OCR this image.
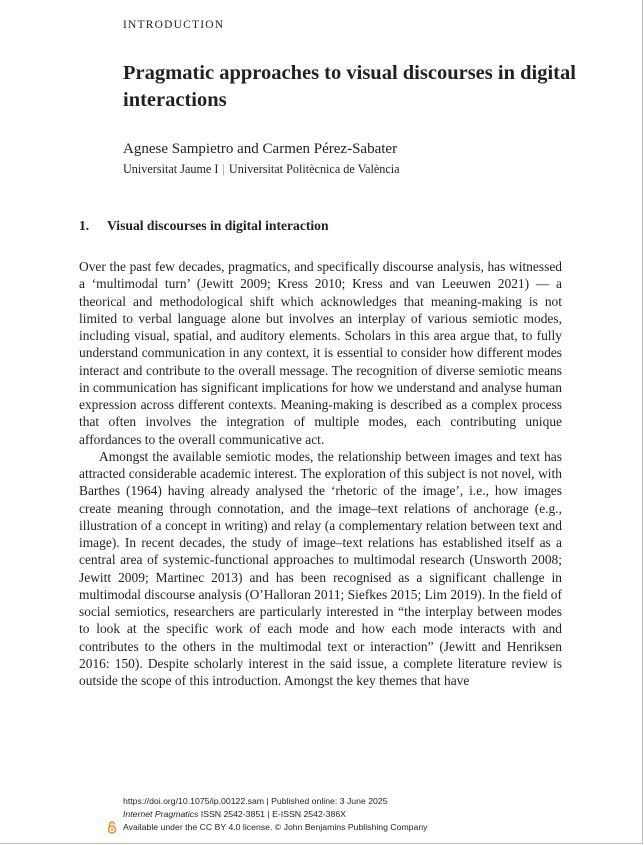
INTRODUCTION
Pragmatic approaches to visual discourses in digital interactions
Agnese Sampietro and Carmen Pérez-Sabater
Universitat Jaume I | Universitat Politècnica de València
1. Visual discourses in digital interaction

Over the past few decades, pragmatics, and specifically discourse analysis, has witnessed a ‘multimodal turn’ (Jewitt 2009; Kress 2010; Kress and van Leeuwen 2021) — a theorical and methodological shift which acknowledges that meaning-making is not limited to verbal language alone but involves an interplay of various semiotic modes, including visual, spatial, and auditory elements. Scholars in this area argue that, to fully understand communication in any context, it is essential to consider how different modes interact and contribute to the overall message. The recognition of diverse semiotic means in communication has significant implications for how we understand and analyse human expression across different contexts. Meaning-making is described as a complex process that often involves the integration of multiple modes, each contributing unique affordances to the overall communicative act.

Amongst the available semiotic modes, the relationship between images and text has attracted considerable academic interest. The exploration of this subject is not novel, with Barthes (1964) having already analysed the ‘rhetoric of the image’, i.e., how images create meaning through connotation, and the image–text relations of anchorage (e.g., illustration of a concept in writing) and relay (a complementary relation between text and image). In recent decades, the study of image–text relations has established itself as a central area of systemic-functional approaches to multimodal research (Unsworth 2008; Jewitt 2009; Martinec 2013) and has been recognised as a significant challenge in multimodal discourse analysis (O’Halloran 2011; Siefkes 2015; Lim 2019). In the field of social semiotics, researchers are particularly interested in “the interplay between modes to look at the specific work of each mode and how each mode interacts with and contributes to the others in the multimodal text or interaction” (Jewitt and Henriksen 2016: 150). Despite scholarly interest in the said issue, a complete literature review is outside the scope of this introduction. Amongst the key themes that have

https://doi.org/10.1075/ip.00122.sam | Published online: 3 June 2025
Internet Pragmatics ISSN 2542-3851 | E-ISSN 2542-386X
Available under the CC BY 4.0 license. © John Benjamins Publishing Company
